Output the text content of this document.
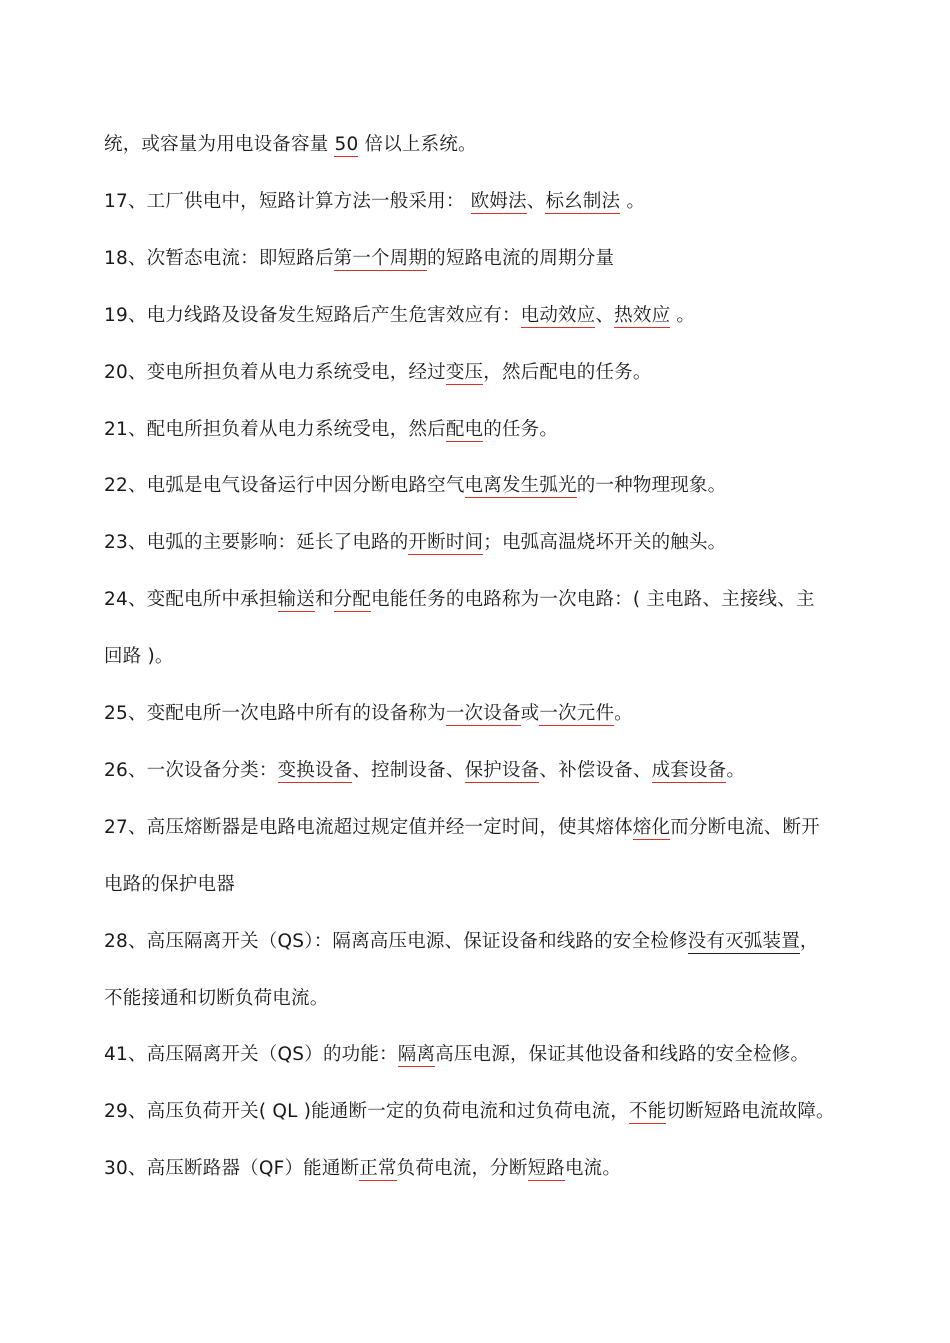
统，或容量为用电设备容量 50 倍以上系统。
17、工厂供电中，短路计算方法一般采用： 欧姆法、标幺制法 。
18、次暂态电流：即短路后第一个周期的短路电流的周期分量
19、电力线路及设备发生短路后产生危害效应有：电动效应、热效应 。
20、变电所担负着从电力系统受电，经过变压，然后配电的任务。
21、配电所担负着从电力系统受电，然后配电的任务。
22、电弧是电气设备运行中因分断电路空气电离发生弧光的一种物理现象。
23、电弧的主要影响：延长了电路的开断时间；电弧高温烧坏开关的触头。
24、变配电所中承担输送和分配电能任务的电路称为一次电路：( 主电路、主接线、主
回路 )。
25、变配电所一次电路中所有的设备称为一次设备或一次元件。
26、一次设备分类：变换设备、控制设备、保护设备、补偿设备、成套设备。
27、高压熔断器是电路电流超过规定值并经一定时间，使其熔体熔化而分断电流、断开
电路的保护电器
28、高压隔离开关（QS）：隔离高压电源、保证设备和线路的安全检修没有灭弧装置，
不能接通和切断负荷电流。
41、高压隔离开关（QS）的功能：隔离高压电源，保证其他设备和线路的安全检修。
29、高压负荷开关( QL )能通断一定的负荷电流和过负荷电流，不能切断短路电流故障。
30、高压断路器（QF）能通断正常负荷电流，分断短路电流。
